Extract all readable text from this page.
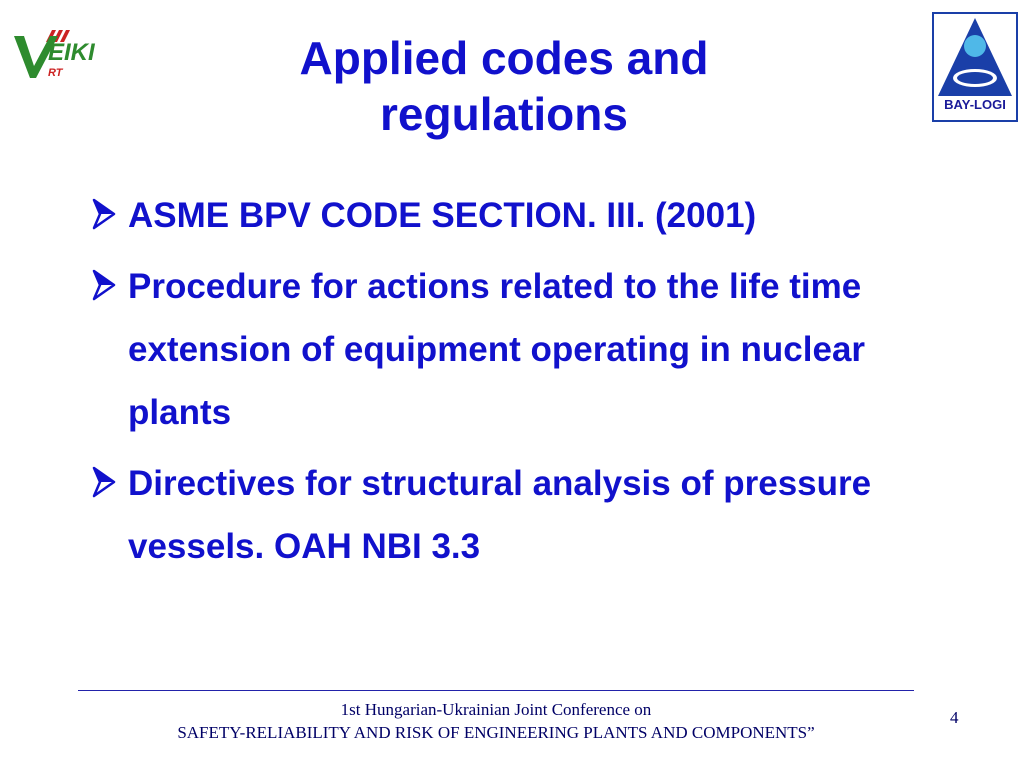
EIKI
RT	Applied codes and
regulations	BAY-LOGI
ASME BPV CODE SECTION. III. (2001)
Procedure for actions related to the life time extension of equipment operating in nuclear plants
Directives for structural analysis of pressure vessels. OAH NBI 3.3
1st Hungarian-Ukrainian Joint Conference on
SAFETY-RELIABILITY AND RISK OF ENGINEERING PLANTS AND COMPONENTS”
4
